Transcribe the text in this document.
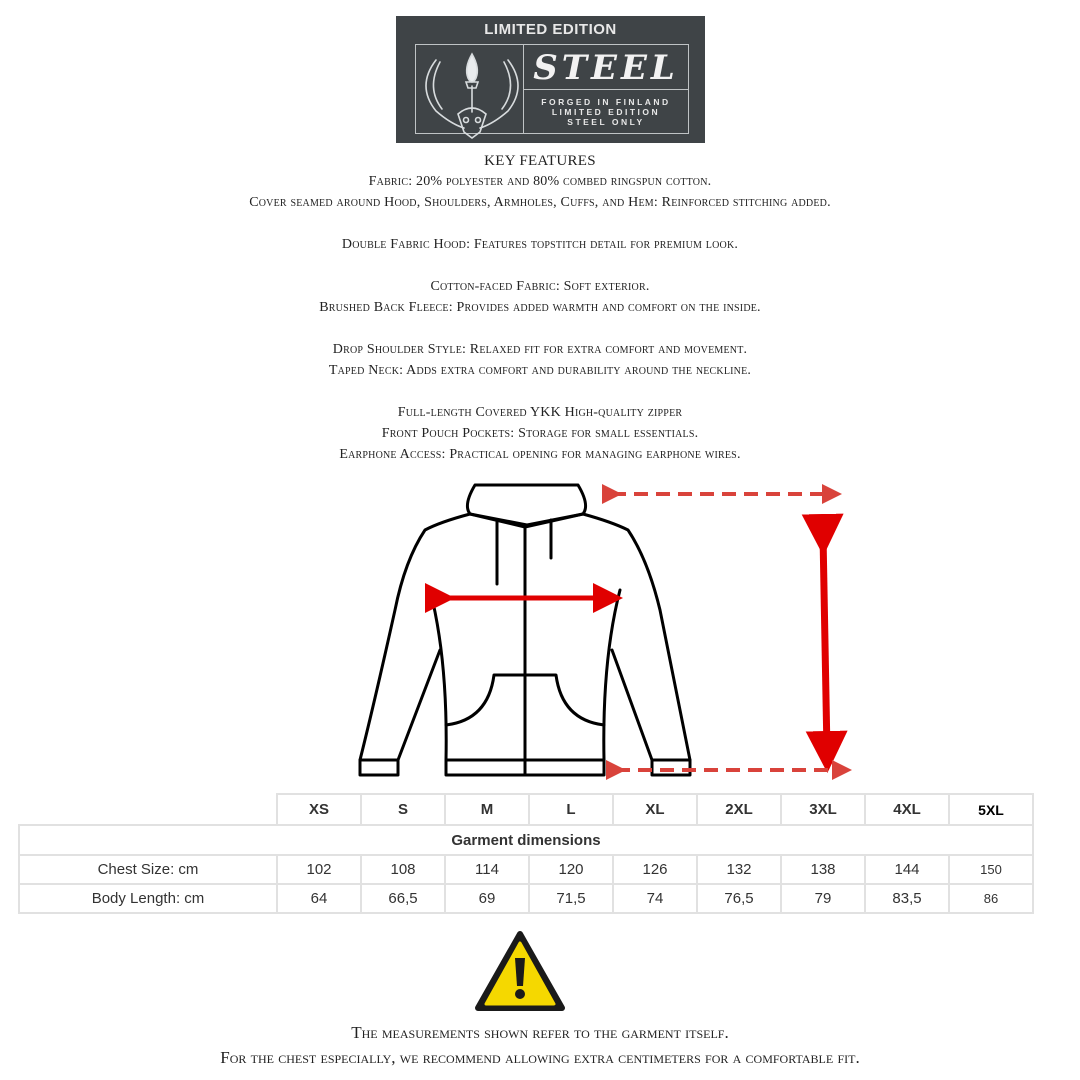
LIMITED EDITION
STEEL
FORGED IN FINLAND
LIMITED EDITION
STEEL ONLY
KEY FEATURES
Fabric: 20% polyester and 80% combed ringspun cotton.
Cover seamed around Hood, Shoulders, Armholes, Cuffs, and Hem: Reinforced stitching added.
Double Fabric Hood: Features topstitch detail for premium look.
Cotton-faced Fabric: Soft exterior.
Brushed Back Fleece: Provides added warmth and comfort on the inside.
Drop Shoulder Style: Relaxed fit for extra comfort and movement.
Taped Neck: Adds extra comfort and durability around the neckline.
Full-length Covered YKK High-quality zipper
Front Pouch Pockets: Storage for small essentials.
Earphone Access: Practical opening for managing earphone wires.
	XS	S	M	L	XL	2XL	3XL	4XL	5XL
Garment dimensions									
Chest Size: cm	102	108	114	120	126	132	138	144	150
Body Length: cm	64	66,5	69	71,5	74	76,5	79	83,5	86
The measurements shown refer to the garment itself.
For the chest especially, we recommend allowing extra centimeters for a comfortable fit.
